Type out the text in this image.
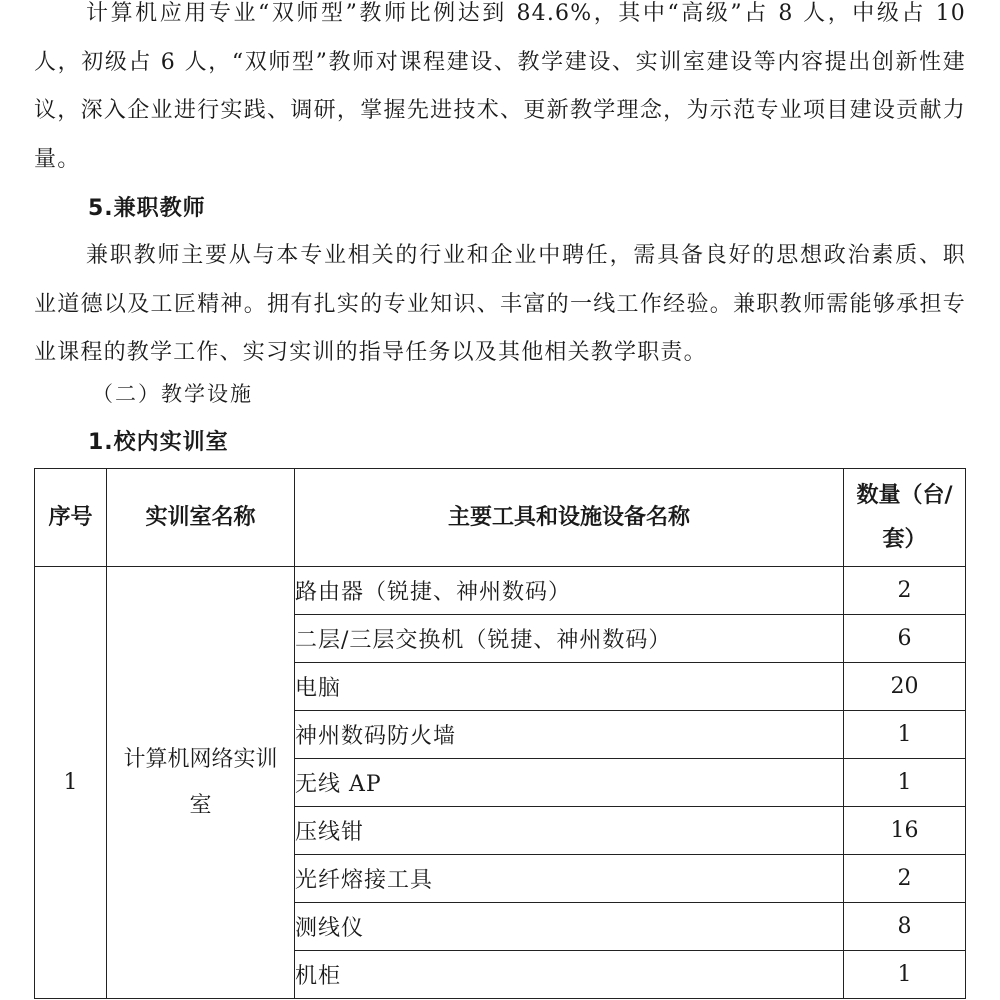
计算机应用专业“双师型”教师比例达到 84.6%，其中“高级”占 8 人，中级占 10 人，初级占 6 人，“双师型”教师对课程建设、教学建设、实训室建设等内容提出创新性建议，深入企业进行实践、调研，掌握先进技术、更新教学理念，为示范专业项目建设贡献力量。

5.兼职教师

兼职教师主要从与本专业相关的行业和企业中聘任，需具备良好的思想政治素质、职业道德以及工匠精神。拥有扎实的专业知识、丰富的一线工作经验。兼职教师需能够承担专业课程的教学工作、实习实训的指导任务以及其他相关教学职责。

（二）教学设施

1.校内实训室

序号	实训室名称	主要工具和设施设备名称	数量（台/套）
1	计算机网络实训室	路由器（锐捷、神州数码）	2
		二层/三层交换机（锐捷、神州数码）	6
		电脑	20
		神州数码防火墙	1
		无线 AP	1
		压线钳	16
		光纤熔接工具	2
		测线仪	8
		机柜	1
